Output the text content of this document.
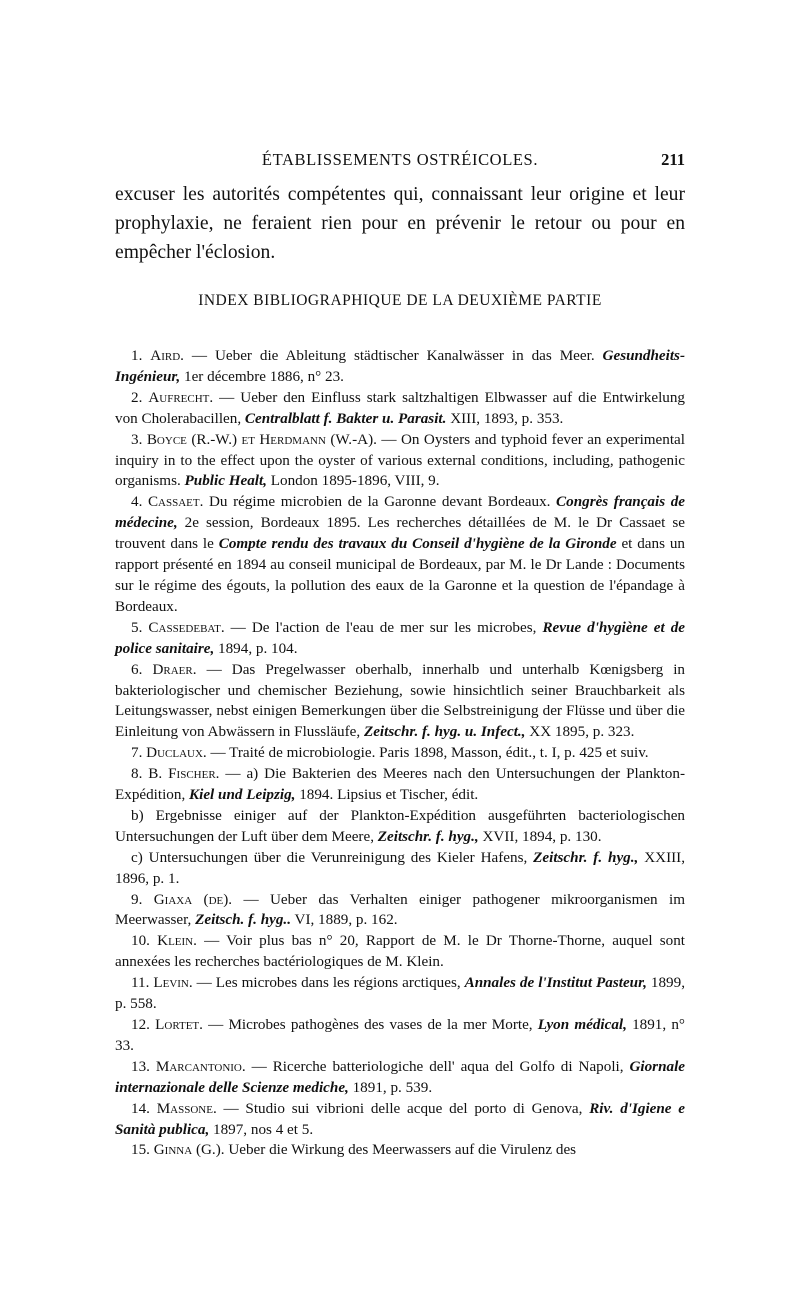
ÉTABLISSEMENTS OSTRÉICOLES.	211

excuser les autorités compétentes qui, connaissant leur origine et leur prophylaxie, ne feraient rien pour en prévenir le retour ou pour en empêcher l'éclosion.

INDEX BIBLIOGRAPHIQUE DE LA DEUXIÈME PARTIE

1. Aird. — Ueber die Ableitung städtischer Kanalwässer in das Meer. Gesundheits-Ingénieur, 1er décembre 1886, n° 23.

2. Aufrecht. — Ueber den Einfluss stark saltzhaltigen Elbwasser auf die Entwirkelung von Cholerabacillen, Centralblatt f. Bakter u. Parasit. XIII, 1893, p. 353.

3. Boyce (R.-W.) et Herdmann (W.-A). — On Oysters and typhoid fever an experimental inquiry in to the effect upon the oyster of various external conditions, including, pathogenic organisms. Public Healt, London 1895-1896, VIII, 9.

4. Cassaet. Du régime microbien de la Garonne devant Bordeaux. Congrès français de médecine, 2e session, Bordeaux 1895. Les recherches détaillées de M. le Dr Cassaet se trouvent dans le Compte rendu des travaux du Conseil d'hygiène de la Gironde et dans un rapport présenté en 1894 au conseil municipal de Bordeaux, par M. le Dr Lande : Documents sur le régime des égouts, la pollution des eaux de la Garonne et la question de l'épandage à Bordeaux.

5. Cassedebat. — De l'action de l'eau de mer sur les microbes, Revue d'hygiène et de police sanitaire, 1894, p. 104.

6. Draer. — Das Pregelwasser oberhalb, innerhalb und unterhalb Kœnigsberg in bakteriologischer und chemischer Beziehung, sowie hinsichtlich seiner Brauchbarkeit als Leitungswasser, nebst einigen Bemerkungen über die Selbstreinigung der Flüsse und über die Einleitung von Abwässern in Flussläufe, Zeitschr. f. hyg. u. Infect., XX 1895, p. 323.

7. Duclaux. — Traité de microbiologie. Paris 1898, Masson, édit., t. I, p. 425 et suiv.

8. B. Fischer. — a) Die Bakterien des Meeres nach den Untersuchungen der Plankton-Expédition, Kiel und Leipzig, 1894. Lipsius et Tischer, édit.

b) Ergebnisse einiger auf der Plankton-Expédition ausgeführten bacteriologischen Untersuchungen der Luft über dem Meere, Zeitschr. f. hyg., XVII, 1894, p. 130.

c) Untersuchungen über die Verunreinigung des Kieler Hafens, Zeitschr. f. hyg., XXIII, 1896, p. 1.

9. Giaxa (de). — Ueber das Verhalten einiger pathogener mikroorganismen im Meerwasser, Zeitsch. f. hyg.. VI, 1889, p. 162.

10. Klein. — Voir plus bas n° 20, Rapport de M. le Dr Thorne-Thorne, auquel sont annexées les recherches bactériologiques de M. Klein.

11. Levin. — Les microbes dans les régions arctiques, Annales de l'Institut Pasteur, 1899, p. 558.

12. Lortet. — Microbes pathogènes des vases de la mer Morte, Lyon médical, 1891, n° 33.

13. Marcantonio. — Ricerche batteriologiche dell' aqua del Golfo di Napoli, Giornale internazionale delle Scienze mediche, 1891, p. 539.

14. Massone. — Studio sui vibrioni delle acque del porto di Genova, Riv. d'Igiene e Sanità publica, 1897, nos 4 et 5.

15. Ginna (G.). Ueber die Wirkung des Meerwassers auf die Virulenz des
